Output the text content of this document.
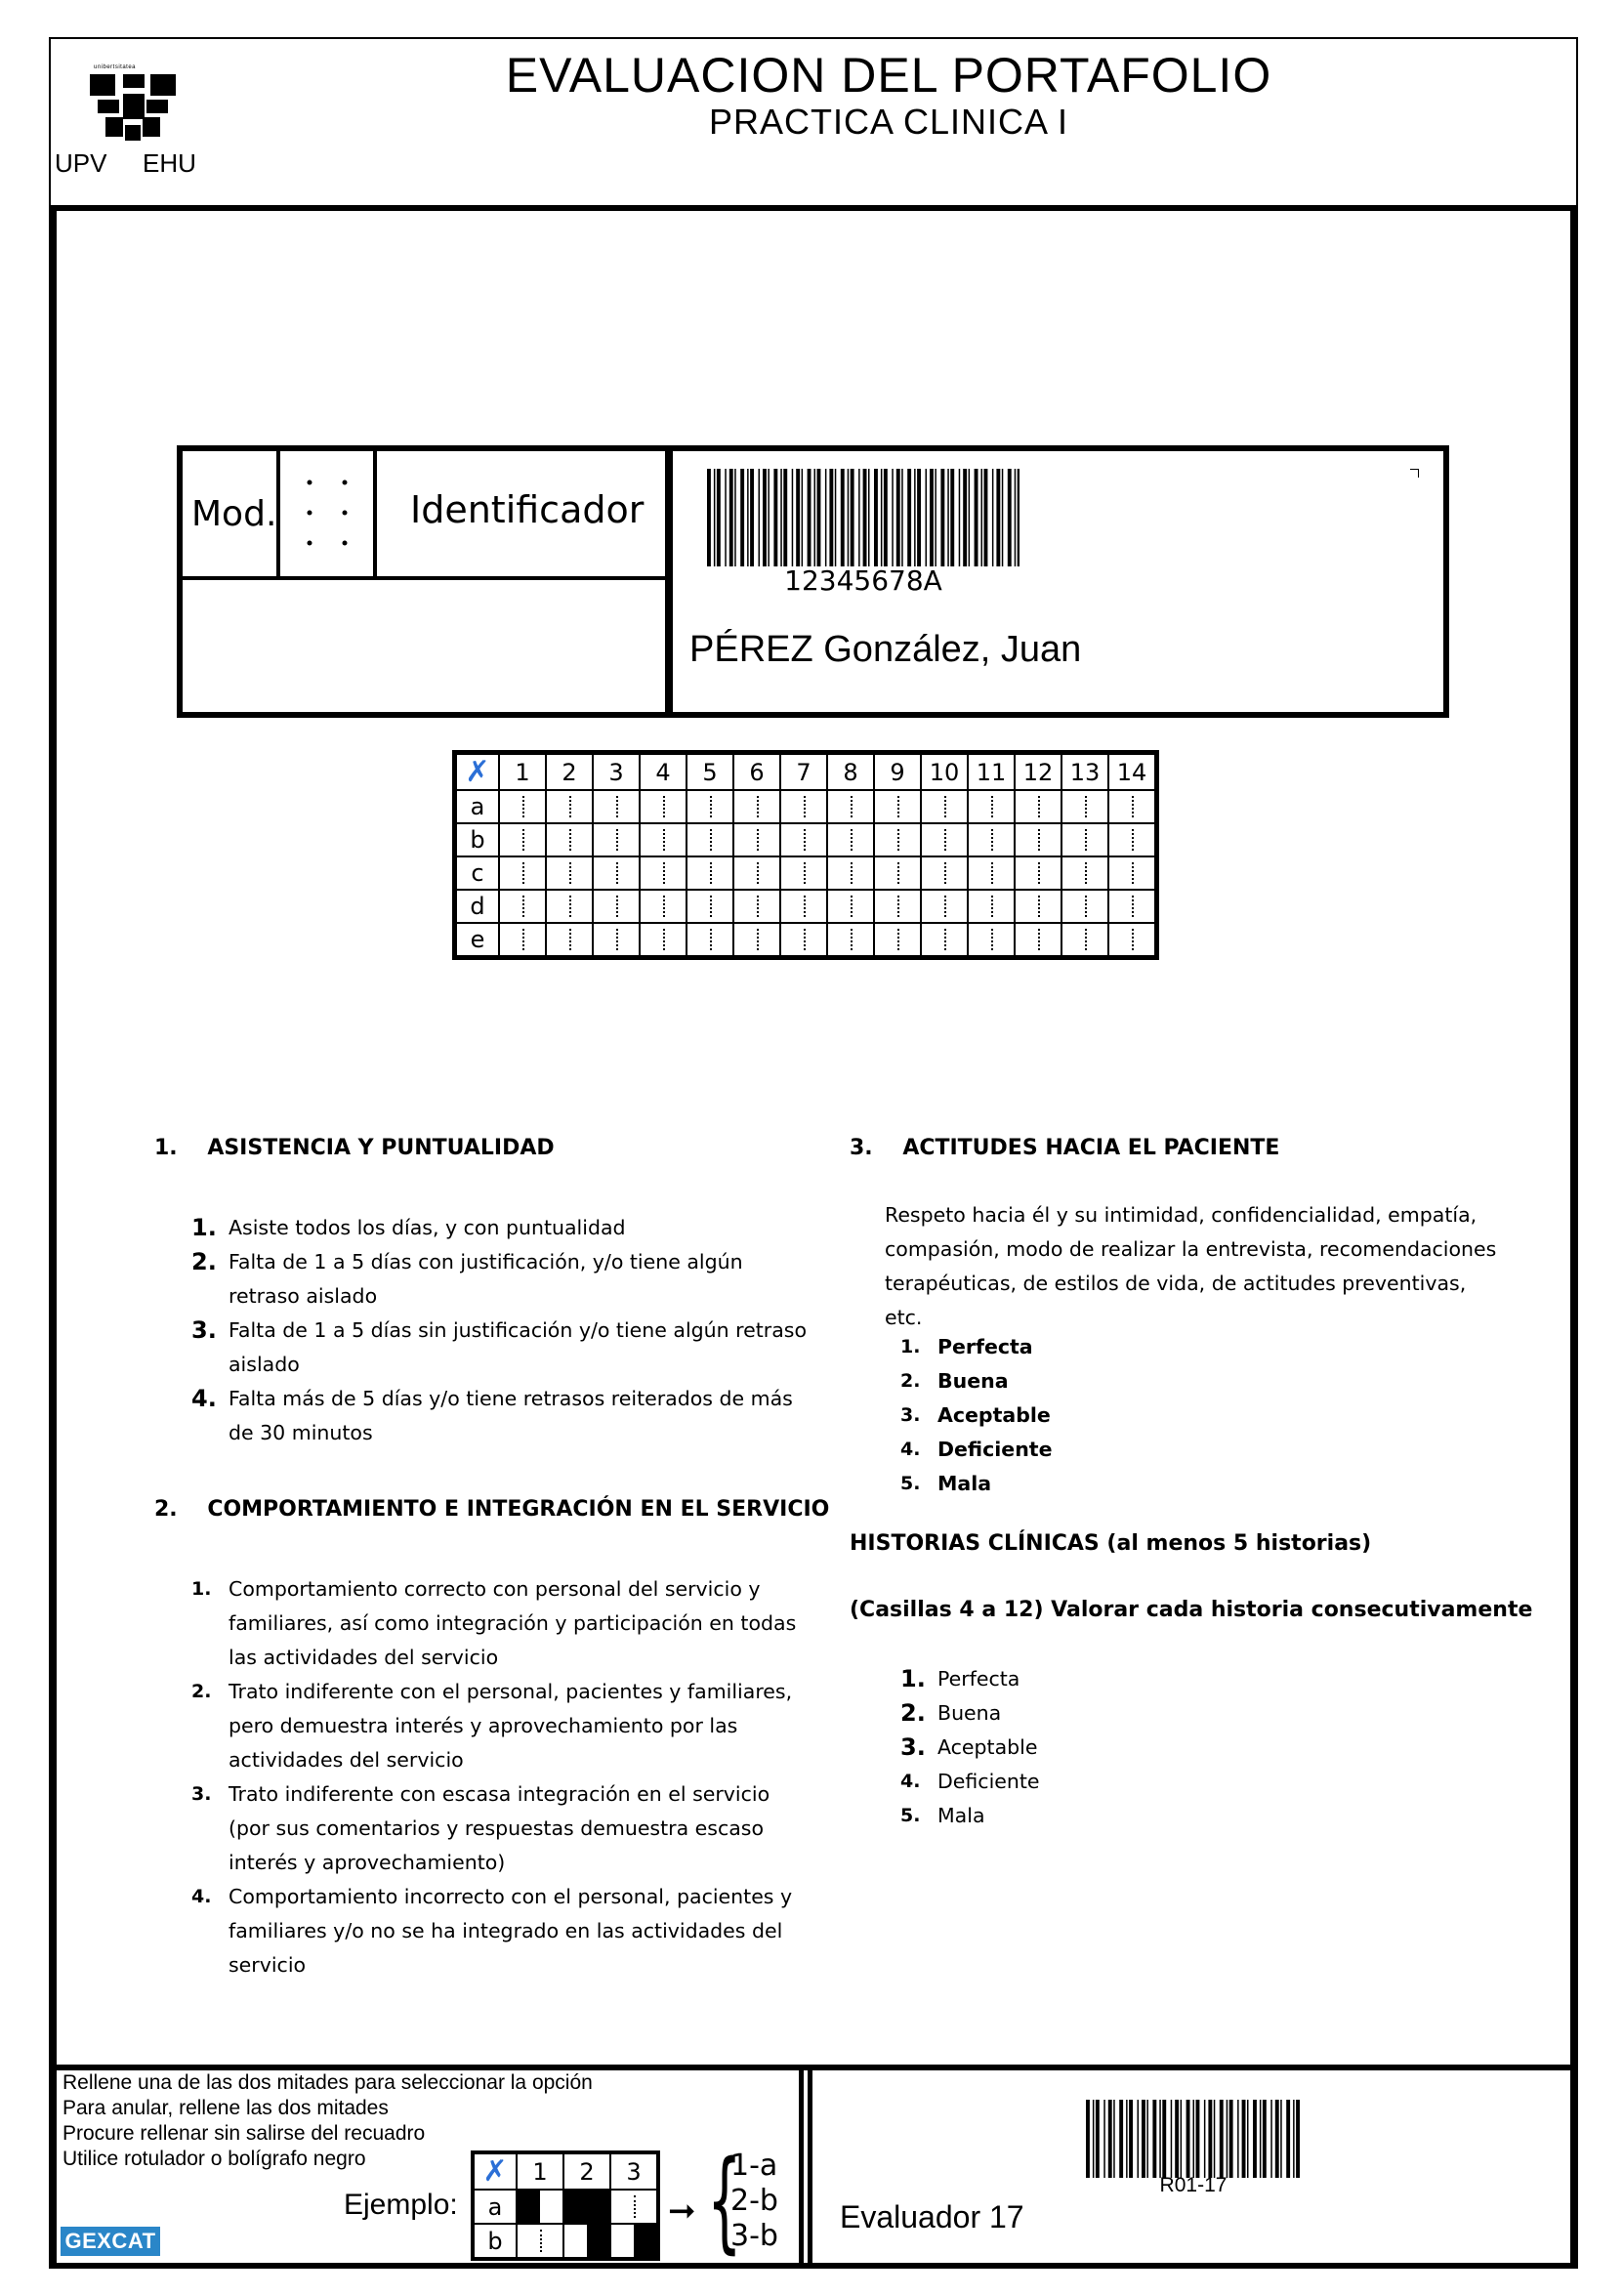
unibertsitatea
UPV EHU
EVALUACION DEL PORTAFOLIO
PRACTICA CLINICA I
Mod.	Identificador
12345678A
PÉREZ González, Juan
✗	1	2	3	4	5	6	7	8	9	10	11	12	13	14
a														
b														
c														
d														
e														
1. ASISTENCIA Y PUNTUALIDAD
1. Asiste todos los días, y con puntualidad
2. Falta de 1 a 5 días con justificación, y/o tiene algún retraso aislado
3. Falta de 1 a 5 días sin justificación y/o tiene algún retraso aislado
4. Falta más de 5 días y/o tiene retrasos reiterados de más de 30 minutos
2. COMPORTAMIENTO E INTEGRACIÓN EN EL SERVICIO
1. Comportamiento correcto con personal del servicio y familiares, así como integración y participación en todas las actividades del servicio
2. Trato indiferente con el personal, pacientes y familiares, pero demuestra interés y aprovechamiento por las actividades del servicio
3. Trato indiferente con escasa integración en el servicio (por sus comentarios y respuestas demuestra escaso interés y aprovechamiento)
4. Comportamiento incorrecto con el personal, pacientes y familiares y/o no se ha integrado en las actividades del servicio
3. ACTITUDES HACIA EL PACIENTE
Respeto hacia él y su intimidad, confidencialidad, empatía, compasión, modo de realizar la entrevista, recomendaciones terapéuticas, de estilos de vida, de actitudes preventivas, etc.
1. Perfecta
2. Buena
3. Aceptable
4. Deficiente
5. Mala
HISTORIAS CLÍNICAS (al menos 5 historias)
(Casillas 4 a 12) Valorar cada historia consecutivamente
1. Perfecta
2. Buena
3. Aceptable
4. Deficiente
5. Mala
Rellene una de las dos mitades para seleccionar la opción
Para anular, rellene las dos mitades
Procure rellenar sin salirse del recuadro
Utilice rotulador o bolígrafo negro
Ejemplo:
✗	1	2	3
a			
b			
➞ {
1-a
2-b
3-b
GEXCAT
R01-17
Evaluador 17
